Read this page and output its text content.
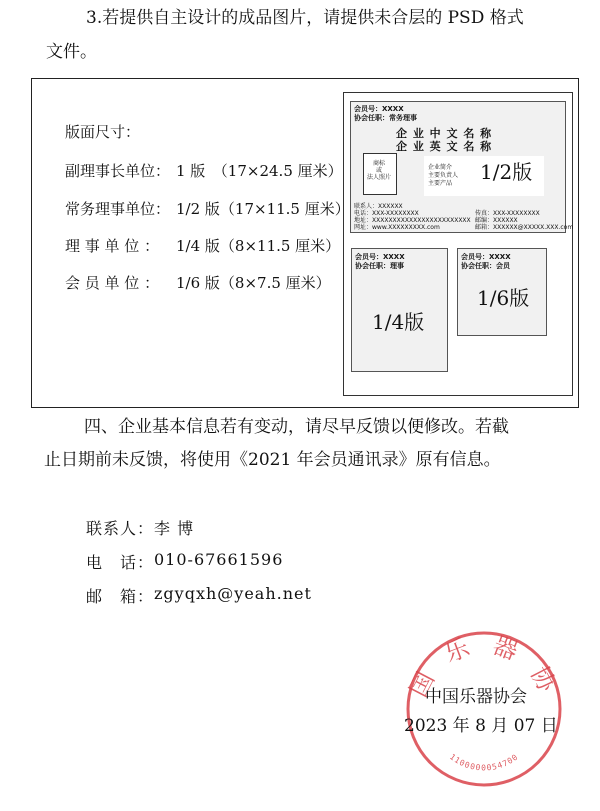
3.若提供自主设计的成品图片，请提供未合层的 PSD 格式
文件。
版面尺寸：
副理事长单位： 1 版　（17×24.5 厘米）
常务理事单位： 1/2 版（17×11.5 厘米）
理 事 单 位 ： 1/4 版（8×11.5 厘米）
会 员 单 位 ： 1/6 版（8×7.5 厘米）
会员号：XXXX
协会任职：常务理事
企 业 中 文 名 称
企 业 英 文 名 称
商标
或
法人照片
企业简介
主要负责人
主要产品 1/2版
联系人：XXXXXX
电话：XXX-XXXXXXXX
地址：XXXXXXXXXXXXXXXXXXXXXXXX
网址：www.XXXXXXXXX.com
传真：XXX-XXXXXXXX
邮编：XXXXXX
邮箱：XXXXXX@XXXXX.XXX.com
会员号：XXXX
协会任职：理事
1/4版
会员号：XXXX
协会任职：会员
1/6版
四、企业基本信息若有变动，请尽早反馈以便修改。若截
止日期前未反馈，将使用《2021 年会员通讯录》原有信息。
联系人： 李 博
电　话： 010-67661596
邮　箱： zgyqxh@yeah.net
国 乐 器 协
1100000054700
中国乐器协会
2023 年 8 月 07 日
